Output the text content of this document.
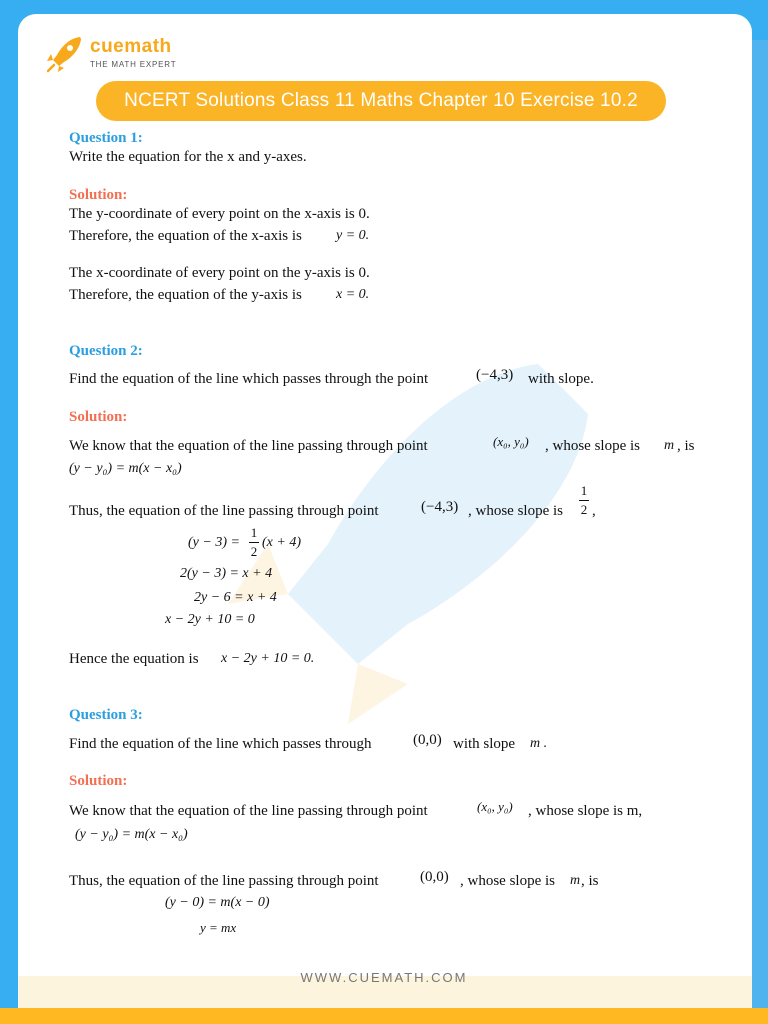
cuemath
THE MATH EXPERT
NCERT Solutions Class 11 Maths Chapter 10 Exercise 10.2
Question 1:
Write the equation for the x and y-axes.
Solution:
The y-coordinate of every point on the x-axis is 0.
Therefore, the equation of the x-axis is y = 0.
The x-coordinate of every point on the y-axis is 0.
Therefore, the equation of the y-axis is x = 0.
Question 2:
Find the equation of the line which passes through the point	(−4,3) with slope.
Solution:
We know that the equation of the line passing through point	(x₀, y₀) , whose slope is m , is
(y − y₀) = m(x − x₀)
Thus, the equation of the line passing through point	(−4,3) , whose slope is
1
2 ,
(y − 3) =
1
2
(x + 4)
2(y − 3) = x + 4
2y − 6 = x + 4
x − 2y + 10 = 0
Hence the equation is x − 2y + 10 = 0.
Question 3:
Find the equation of the line which passes through	(0,0) with slope m .
Solution:
We know that the equation of the line passing through point	(x₀, y₀) , whose slope is m,
(y − y₀) = m(x − x₀)
Thus, the equation of the line passing through point	(0,0) , whose slope is m , is
(y − 0) = m(x − 0)
y = mx
WWW.CUEMATH.COM
